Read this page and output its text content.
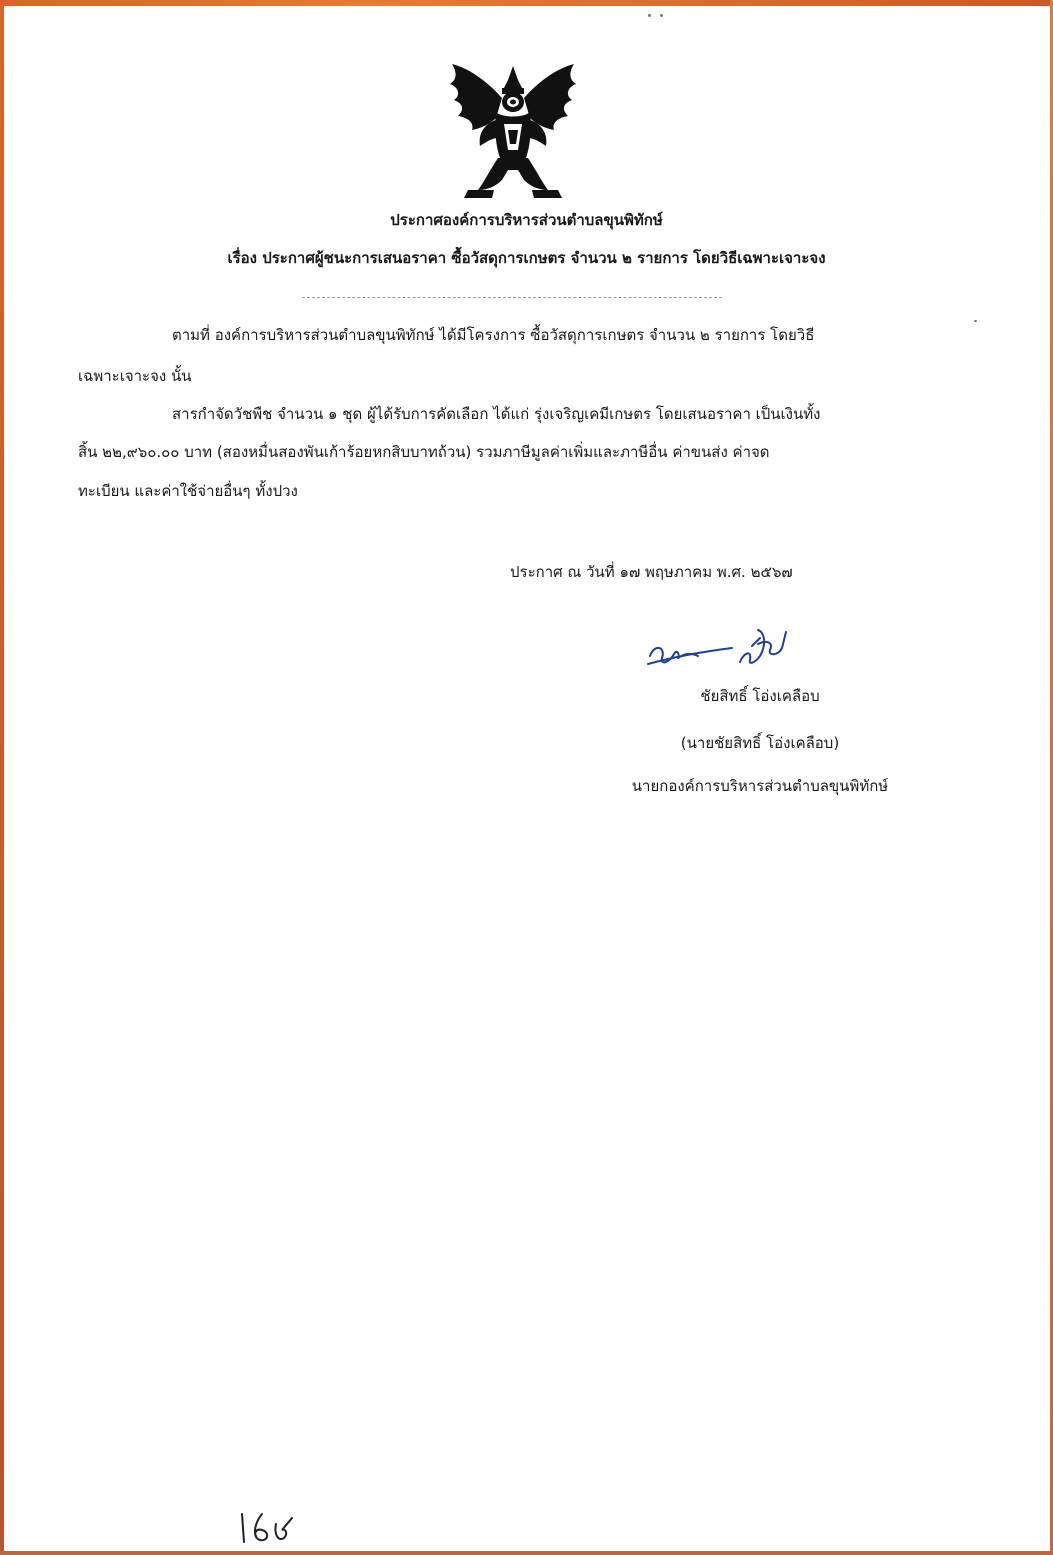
ประกาศองค์การบริหารส่วนตำบลขุนพิทักษ์
เรื่อง ประกาศผู้ชนะการเสนอราคา ซื้อวัสดุการเกษตร จำนวน ๒ รายการ โดยวิธีเฉพาะเจาะจง
ตามที่ องค์การบริหารส่วนตำบลขุนพิทักษ์ ได้มีโครงการ ซื้อวัสดุการเกษตร จำนวน ๒ รายการ โดยวิธี
เฉพาะเจาะจง นั้น
สารกำจัดวัชพืช จำนวน ๑ ชุด ผู้ได้รับการคัดเลือก ได้แก่ รุ่งเจริญเคมีเกษตร โดยเสนอราคา เป็นเงินทั้ง
สิ้น ๒๒,๙๖๐.๐๐ บาท (สองหมื่นสองพันเก้าร้อยหกสิบบาทถ้วน) รวมภาษีมูลค่าเพิ่มและภาษีอื่น ค่าขนส่ง ค่าจด
ทะเบียน และค่าใช้จ่ายอื่นๆ ทั้งปวง
ประกาศ ณ วันที่ ๑๗ พฤษภาคม พ.ศ. ๒๕๖๗
ชัยสิทธิ์ โอ่งเคลือบ
(นายชัยสิทธิ์ โอ่งเคลือบ)
นายกองค์การบริหารส่วนตำบลขุนพิทักษ์
